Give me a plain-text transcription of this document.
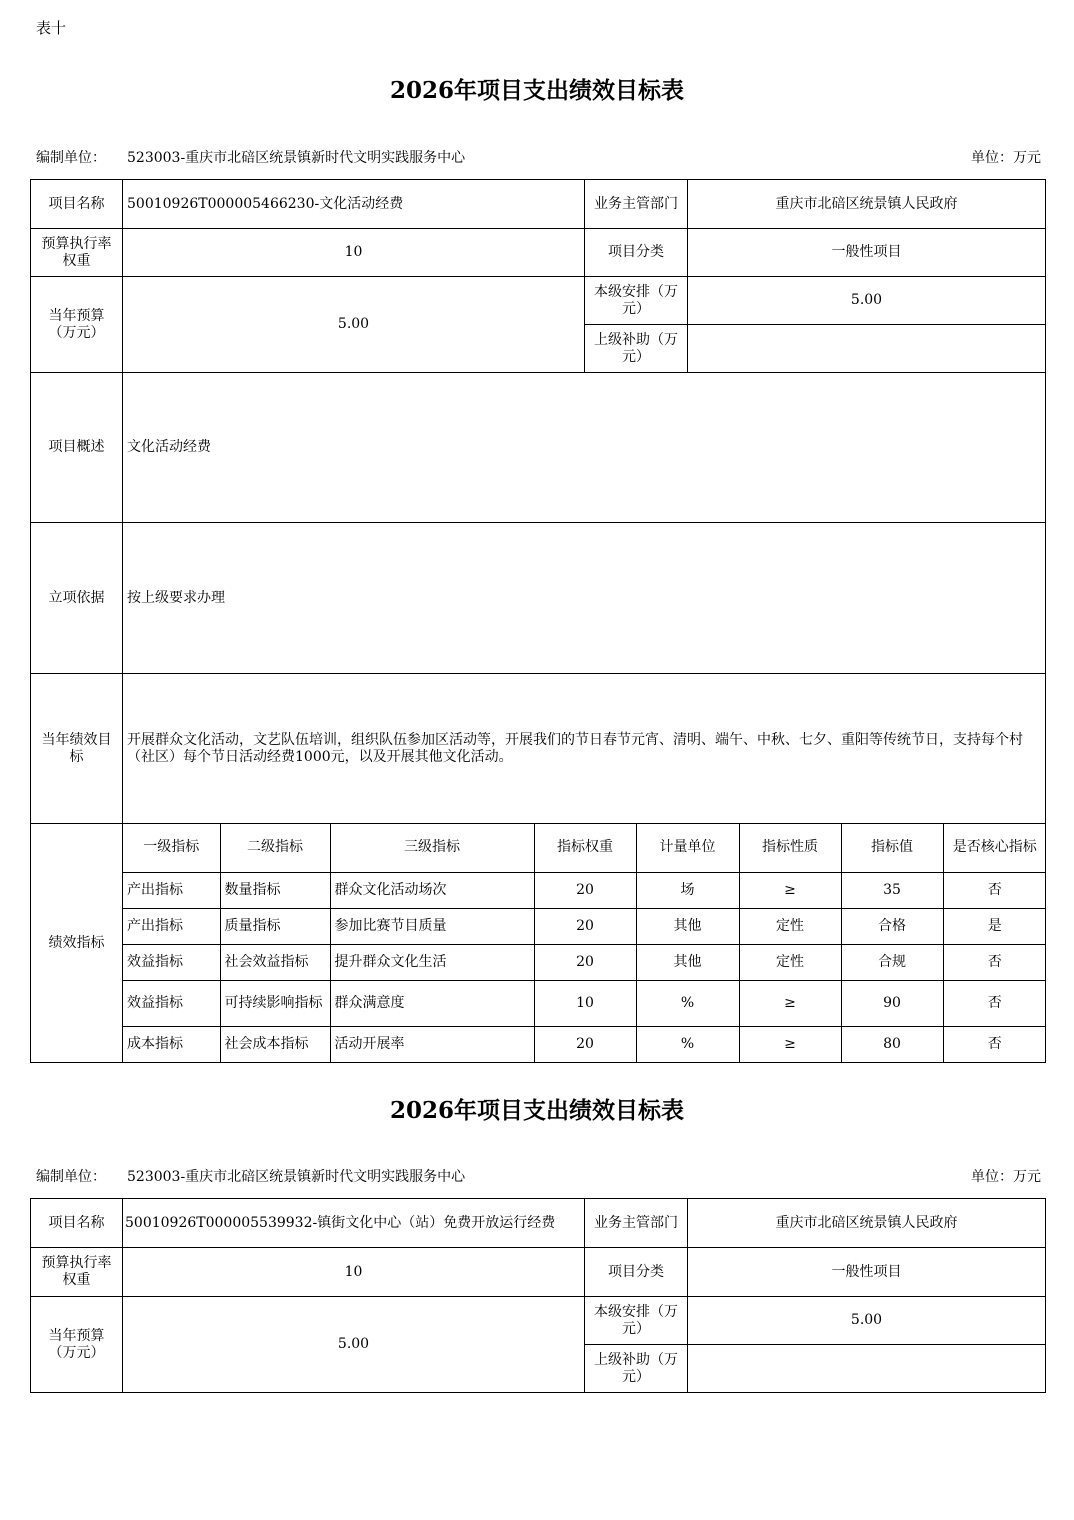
表十
2026年项目支出绩效目标表
编制单位： 523003-重庆市北碚区统景镇新时代文明实践服务中心	单位：万元
项目名称	50010926T000005466230-文化活动经费	业务主管部门	重庆市北碚区统景镇人民政府
预算执行率权重	10	项目分类	一般性项目
当年预算（万元）	5.00	本级安排（万元）	5.00
上级补助（万元）	
项目概述	文化活动经费
立项依据	按上级要求办理
当年绩效目标	开展群众文化活动，文艺队伍培训，组织队伍参加区活动等，开展我们的节日春节元宵、清明、端午、中秋、七夕、重阳等传统节日，支持每个村（社区）每个节日活动经费1000元，以及开展其他文化活动。
绩效指标	
一级指标	二级指标	三级指标	指标权重	计量单位	指标性质	指标值	是否核心指标
产出指标	数量指标	群众文化活动场次	20	场	≥	35	否
产出指标	质量指标	参加比赛节目质量	20	其他	定性	合格	是
效益指标	社会效益指标	提升群众文化生活	20	其他	定性	合规	否
效益指标	可持续影响指标	群众满意度	10	%	≥	90	否
成本指标	社会成本指标	活动开展率	20	%	≥	80	否
2026年项目支出绩效目标表
编制单位： 523003-重庆市北碚区统景镇新时代文明实践服务中心	单位：万元
项目名称	50010926T000005539932-镇街文化中心（站）免费开放运行经费	业务主管部门	重庆市北碚区统景镇人民政府
预算执行率权重	10	项目分类	一般性项目
当年预算（万元）	5.00	本级安排（万元）	5.00
		上级补助（万元）	
